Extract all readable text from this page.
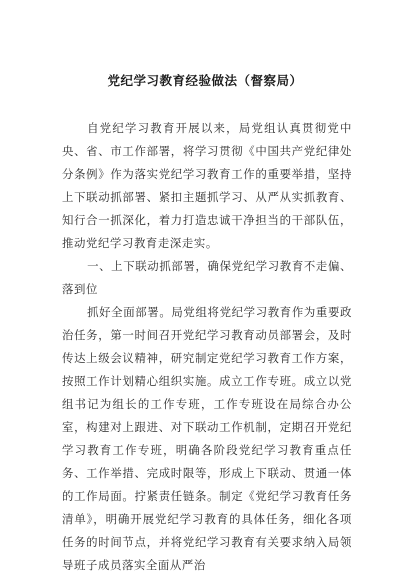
党纪学习教育经验做法（督察局）

自党纪学习教育开展以来，局党组认真贯彻党中央、省、市工作部署，将学习贯彻《中国共产党纪律处分条例》作为落实党纪学习教育工作的重要举措，坚持上下联动抓部署、紧扣主题抓学习、从严从实抓教育、知行合一抓深化，着力打造忠诚干净担当的干部队伍，推动党纪学习教育走深走实。

一、上下联动抓部署，确保党纪学习教育不走偏、落到位

抓好全面部署。局党组将党纪学习教育作为重要政治任务，第一时间召开党纪学习教育动员部署会，及时传达上级会议精神，研究制定党纪学习教育工作方案，按照工作计划精心组织实施。成立工作专班。成立以党组书记为组长的工作专班，工作专班设在局综合办公室，构建对上跟进、对下联动工作机制，定期召开党纪学习教育工作专班，明确各阶段党纪学习教育重点任务、工作举措、完成时限等，形成上下联动、贯通一体的工作局面。拧紧责任链条。制定《党纪学习教育任务清单》，明确开展党纪学习教育的具体任务，细化各项任务的时间节点，并将党纪学习教育有关要求纳入局领导班子成员落实全面从严治
